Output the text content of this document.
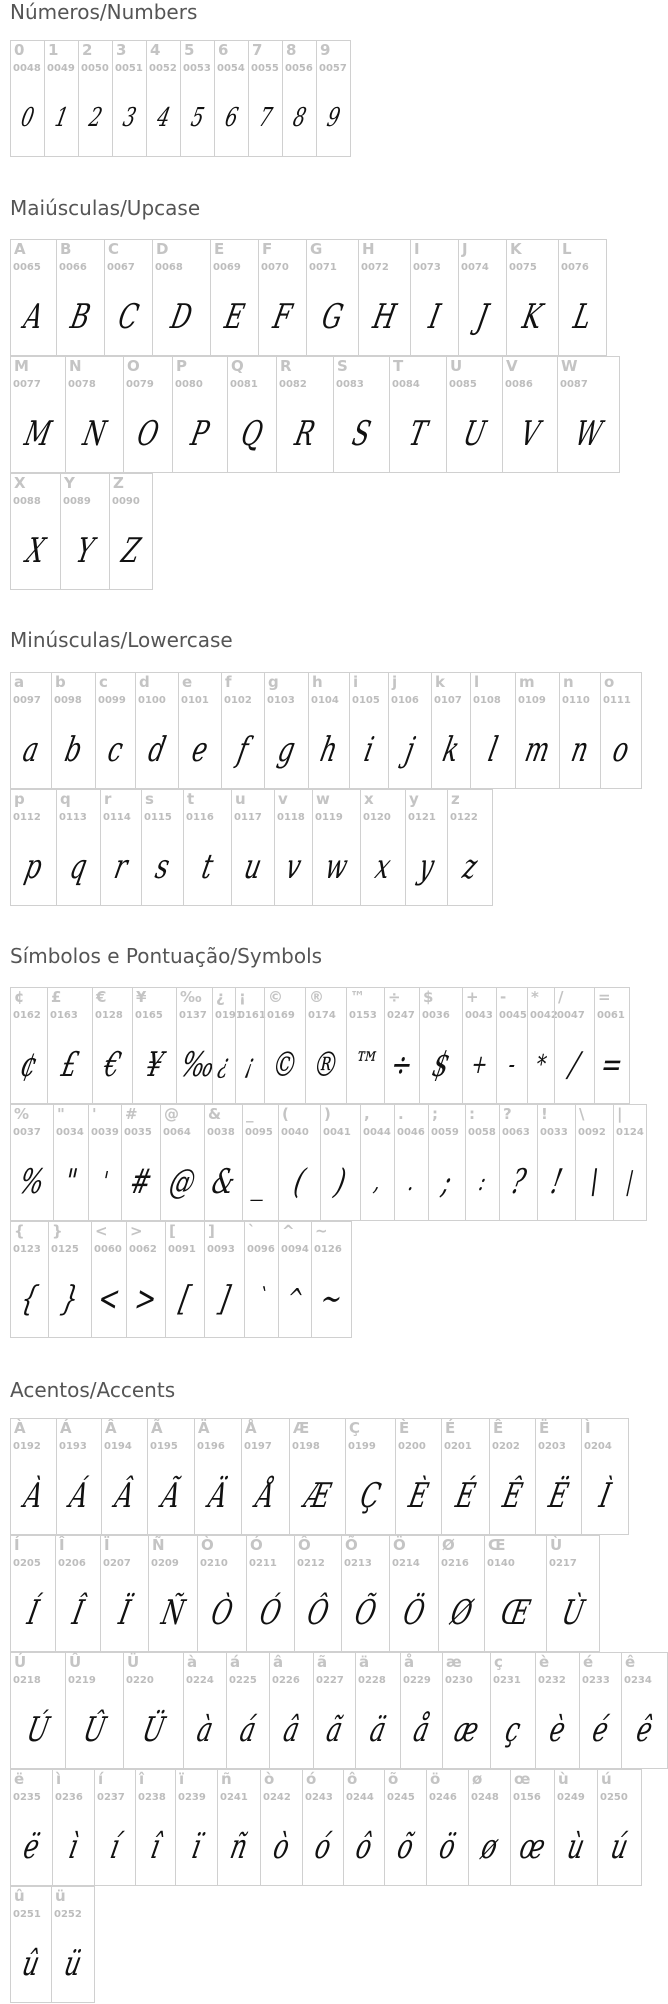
Números/Numbers
0
0048
0
1
0049
1
2
0050
2
3
0051
3
4
0052
4
5
0053
5
6
0054
6
7
0055
7
8
0056
8
9
0057
9
Maiúsculas/Upcase
A
0065
A
B
0066
B
C
0067
C
D
0068
D
E
0069
E
F
0070
F
G
0071
G
H
0072
H
I
0073
I
J
0074
J
K
0075
K
L
0076
L
M
0077
M
N
0078
N
O
0079
O
P
0080
P
Q
0081
Q
R
0082
R
S
0083
S
T
0084
T
U
0085
U
V
0086
V
W
0087
W
X
0088
X
Y
0089
Y
Z
0090
Z
Minúsculas/Lowercase
a
0097
a
b
0098
b
c
0099
c
d
0100
d
e
0101
e
f
0102
f
g
0103
g
h
0104
h
i
0105
i
j
0106
j
k
0107
k
l
0108
l
m
0109
m
n
0110
n
o
0111
o
p
0112
p
q
0113
q
r
0114
r
s
0115
s
t
0116
t
u
0117
u
v
0118
v
w
0119
w
x
0120
x
y
0121
y
z
0122
z
Símbolos e Pontuação/Symbols
¢
0162
¢
£
0163
£
€
0128
€
¥
0165
¥
‰
0137
‰
¿
0191
¿
¡
0161
¡
©
0169
©
®
0174
®
™
0153
™
÷
0247
÷
$
0036
$
+
0043
+
-
0045
-
*
0042
*
/
0047
/
=
0061
=
%
0037
%
"
0034
"
'
0039
'
#
0035
#
@
0064
@
&
0038
&
_
0095
_
(
0040
(
)
0041
)
,
0044
,
.
0046
.
;
0059
;
:
0058
:
?
0063
?
!
0033
!
\
0092
\
|
0124
|
{
0123
{
}
0125
}
<
0060
<
>
0062
>
[
0091
[
]
0093
]
`
0096
`
^
0094
^
~
0126
~
Acentos/Accents
À
0192
À
Á
0193
Á
Â
0194
Â
Ã
0195
Ã
Ä
0196
Ä
Å
0197
Å
Æ
0198
Æ
Ç
0199
Ç
È
0200
È
É
0201
É
Ê
0202
Ê
Ë
0203
Ë
Ì
0204
Ì
Í
0205
Í
Î
0206
Î
Ï
0207
Ï
Ñ
0209
Ñ
Ò
0210
Ò
Ó
0211
Ó
Ô
0212
Ô
Õ
0213
Õ
Ö
0214
Ö
Ø
0216
Ø
Œ
0140
Œ
Ù
0217
Ù
Ú
0218
Ú
Û
0219
Û
Ü
0220
Ü
à
0224
à
á
0225
á
â
0226
â
ã
0227
ã
ä
0228
ä
å
0229
å
æ
0230
æ
ç
0231
ç
è
0232
è
é
0233
é
ê
0234
ê
ë
0235
ë
ì
0236
ì
í
0237
í
î
0238
î
ï
0239
ï
ñ
0241
ñ
ò
0242
ò
ó
0243
ó
ô
0244
ô
õ
0245
õ
ö
0246
ö
ø
0248
ø
œ
0156
œ
ù
0249
ù
ú
0250
ú
û
0251
û
ü
0252
ü
